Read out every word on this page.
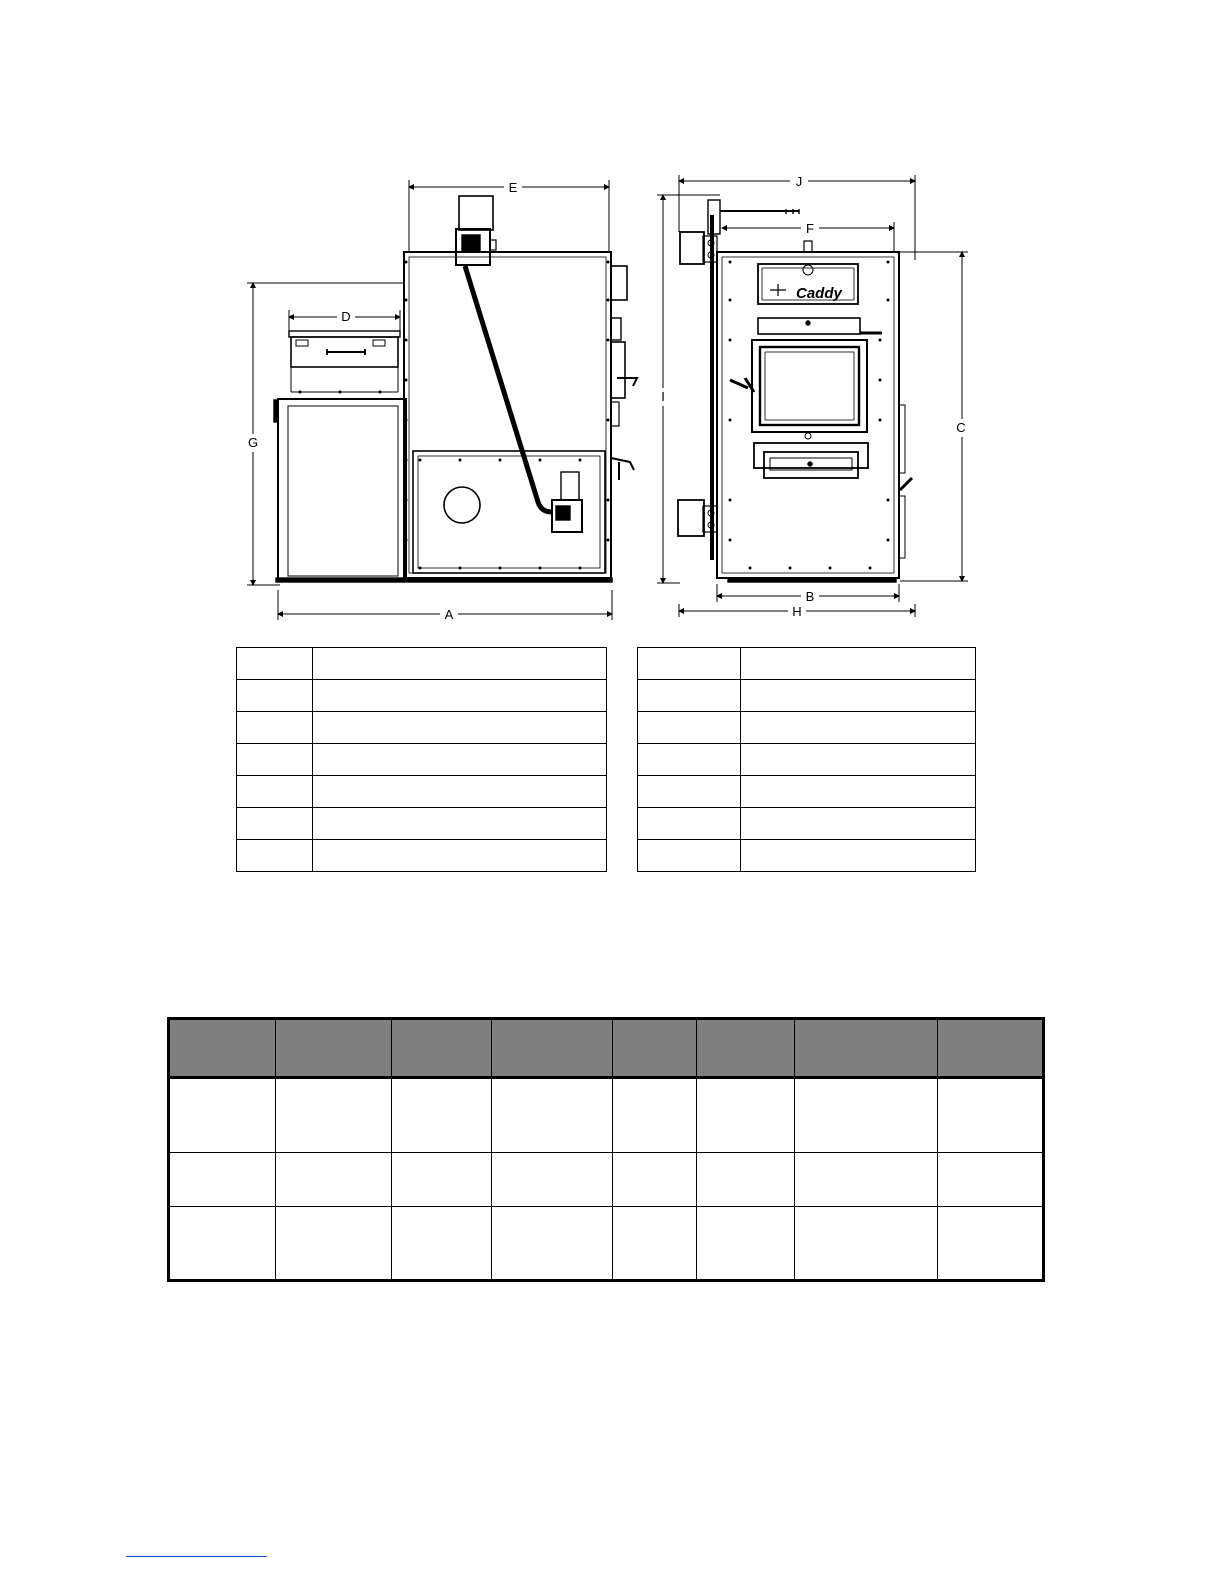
E
D
G
A
Caddy
J
F
I
C
B
H
